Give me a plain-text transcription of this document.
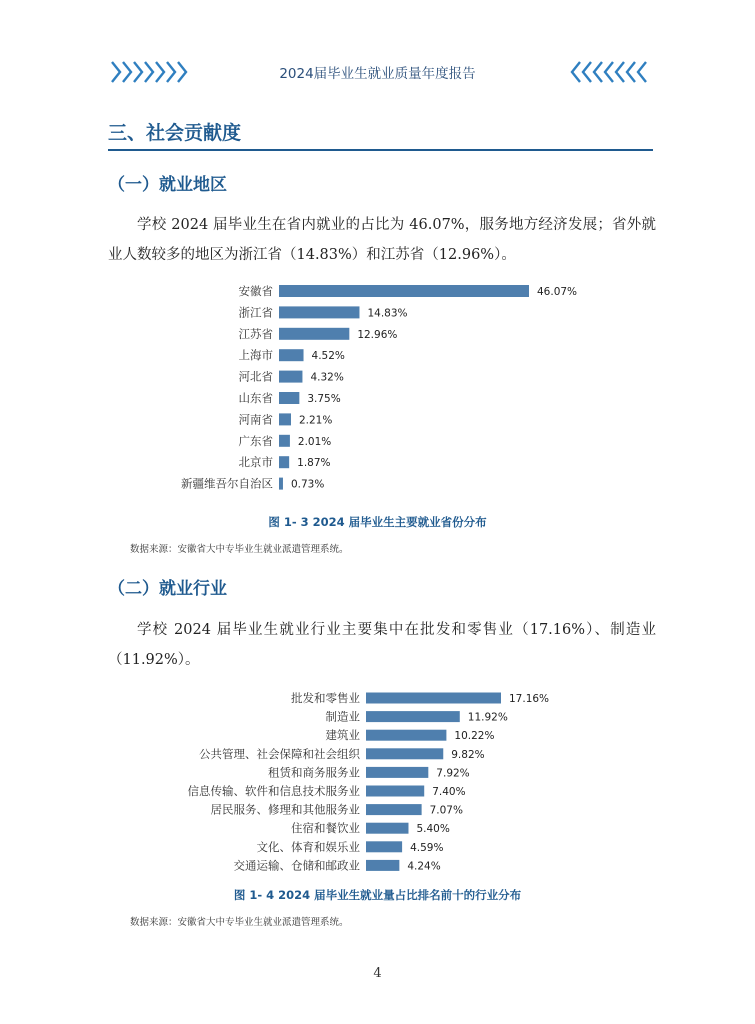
2024届毕业生就业质量年度报告
三、社会贡献度
（一）就业地区
学校 2024 届毕业生在省内就业的占比为 46.07%，服务地方经济发展；省外就业人数较多的地区为浙江省（14.83%）和江苏省（12.96%）。
安徽省	46.07%
浙江省	14.83%
江苏省	12.96%
上海市	4.52%
河北省	4.32%
山东省	3.75%
河南省 2.21%
广东省 2.01%
北京市 1.87%
新疆维吾尔自治区 0.73%
图 1- 3 2024 届毕业生主要就业省份分布
数据来源：安徽省大中专毕业生就业派遣管理系统。
（二）就业行业
学校 2024 届毕业生就业行业主要集中在批发和零售业（17.16%）、制造业（11.92%）。
批发和零售业	17.16%
制造业	11.92%
建筑业	10.22%
公共管理、社会保障和社会组织	9.82%
租赁和商务服务业	7.92%
信息传输、软件和信息技术服务业	7.40%
居民服务、修理和其他服务业	7.07%
住宿和餐饮业	5.40%
文化、体育和娱乐业	4.59%
交通运输、仓储和邮政业	4.24%
图 1- 4 2024 届毕业生就业量占比排名前十的行业分布
数据来源：安徽省大中专毕业生就业派遣管理系统。
4
